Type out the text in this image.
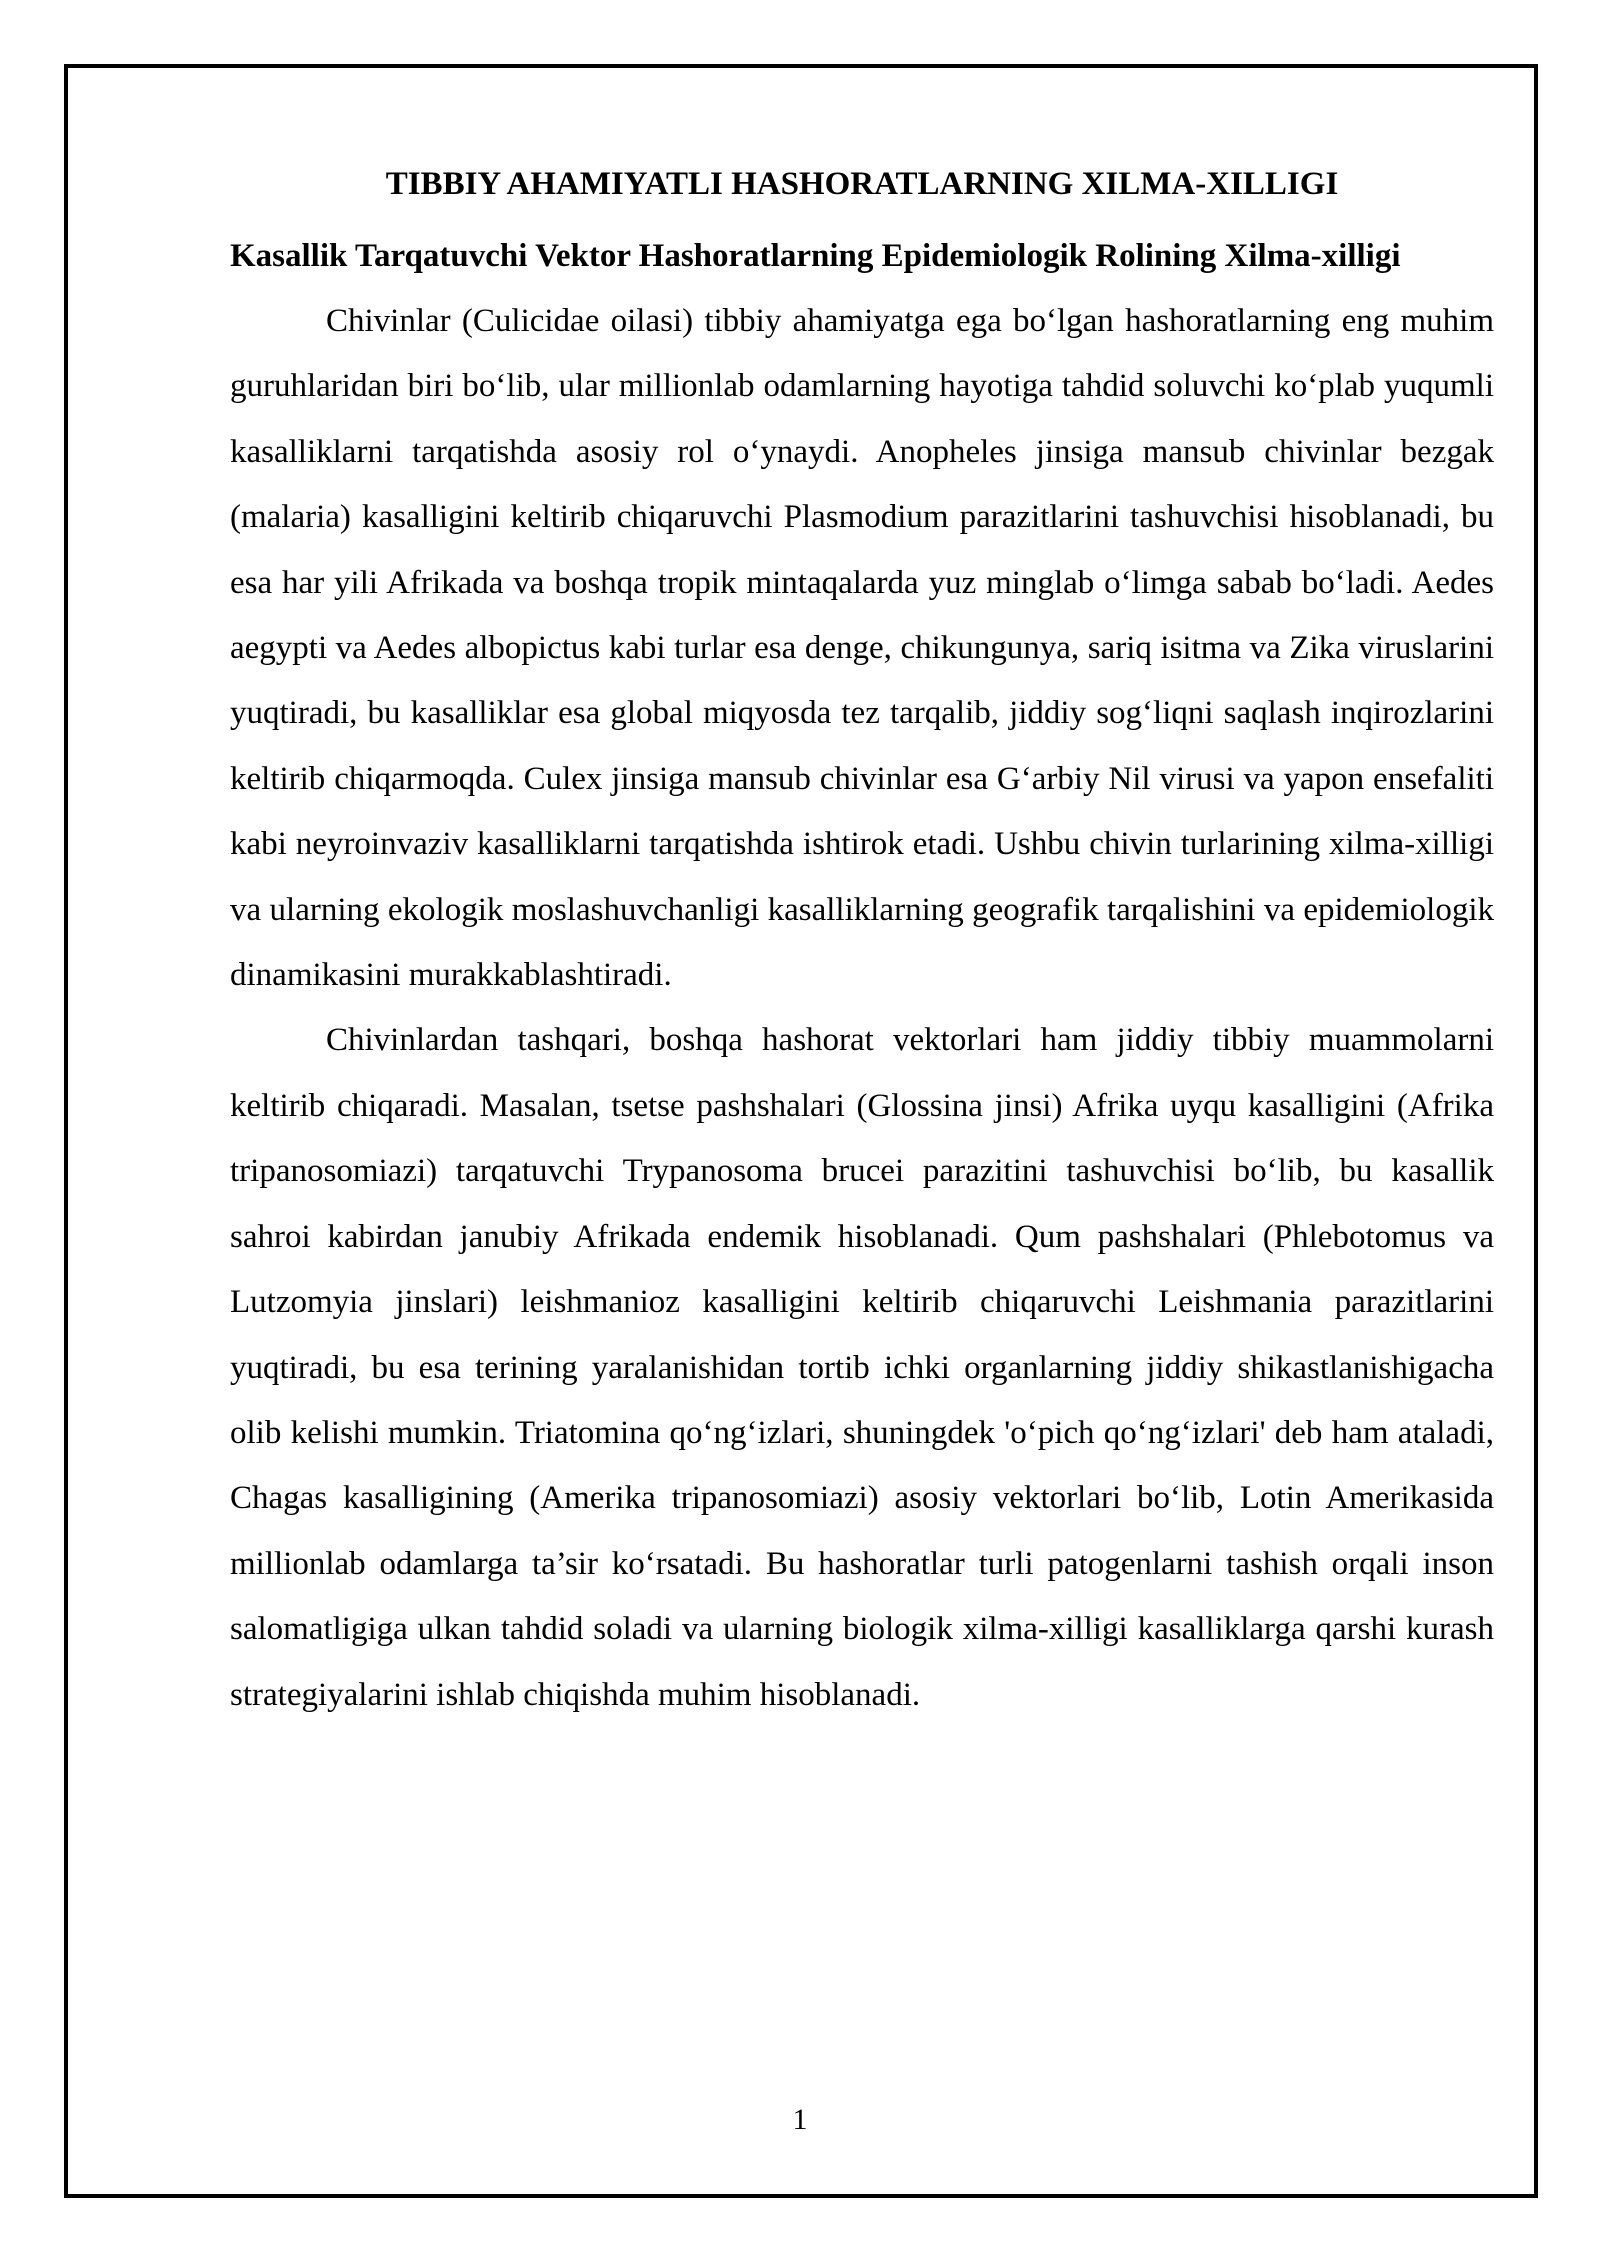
TIBBIY AHAMIYATLI HASHORATLARNING XILMA-XILLIGI
Kasallik Tarqatuvchi Vektor Hashoratlarning Epidemiologik Rolining Xilma-xilligi

Chivinlar (Culicidae oilasi) tibbiy ahamiyatga ega bo‘lgan hashoratlarning eng muhim guruhlaridan biri bo‘lib, ular millionlab odamlarning hayotiga tahdid soluvchi ko‘plab yuqumli kasalliklarni tarqatishda asosiy rol o‘ynaydi. Anopheles jinsiga mansub chivinlar bezgak (malaria) kasalligini keltirib chiqaruvchi Plasmodium parazitlarini tashuvchisi hisoblanadi, bu esa har yili Afrikada va boshqa tropik mintaqalarda yuz minglab o‘limga sabab bo‘ladi. Aedes aegypti va Aedes albopictus kabi turlar esa denge, chikungunya, sariq isitma va Zika viruslarini yuqtiradi, bu kasalliklar esa global miqyosda tez tarqalib, jiddiy sog‘liqni saqlash inqirozlarini keltirib chiqarmoqda. Culex jinsiga mansub chivinlar esa G‘arbiy Nil virusi va yapon ensefaliti kabi neyroinvaziv kasalliklarni tarqatishda ishtirok etadi. Ushbu chivin turlarining xilma-xilligi va ularning ekologik moslashuvchanligi kasalliklarning geografik tarqalishini va epidemiologik dinamikasini murakkablashtiradi.

Chivinlardan tashqari, boshqa hashorat vektorlari ham jiddiy tibbiy muammolarni keltirib chiqaradi. Masalan, tsetse pashshalari (Glossina jinsi) Afrika uyqu kasalligini (Afrika tripanosomiazi) tarqatuvchi Trypanosoma brucei parazitini tashuvchisi bo‘lib, bu kasallik sahroi kabirdan janubiy Afrikada endemik hisoblanadi. Qum pashshalari (Phlebotomus va Lutzomyia jinslari) leishmanioz kasalligini keltirib chiqaruvchi Leishmania parazitlarini yuqtiradi, bu esa terining yaralanishidan tortib ichki organlarning jiddiy shikastlanishigacha olib kelishi mumkin. Triatomina qo‘ng‘izlari, shuningdek 'o‘pich qo‘ng‘izlari' deb ham ataladi, Chagas kasalligining (Amerika tripanosomiazi) asosiy vektorlari bo‘lib, Lotin Amerikasida millionlab odamlarga ta’sir ko‘rsatadi. Bu hashoratlar turli patogenlarni tashish orqali inson salomatligiga ulkan tahdid soladi va ularning biologik xilma-xilligi kasalliklarga qarshi kurash strategiyalarini ishlab chiqishda muhim hisoblanadi.

1
